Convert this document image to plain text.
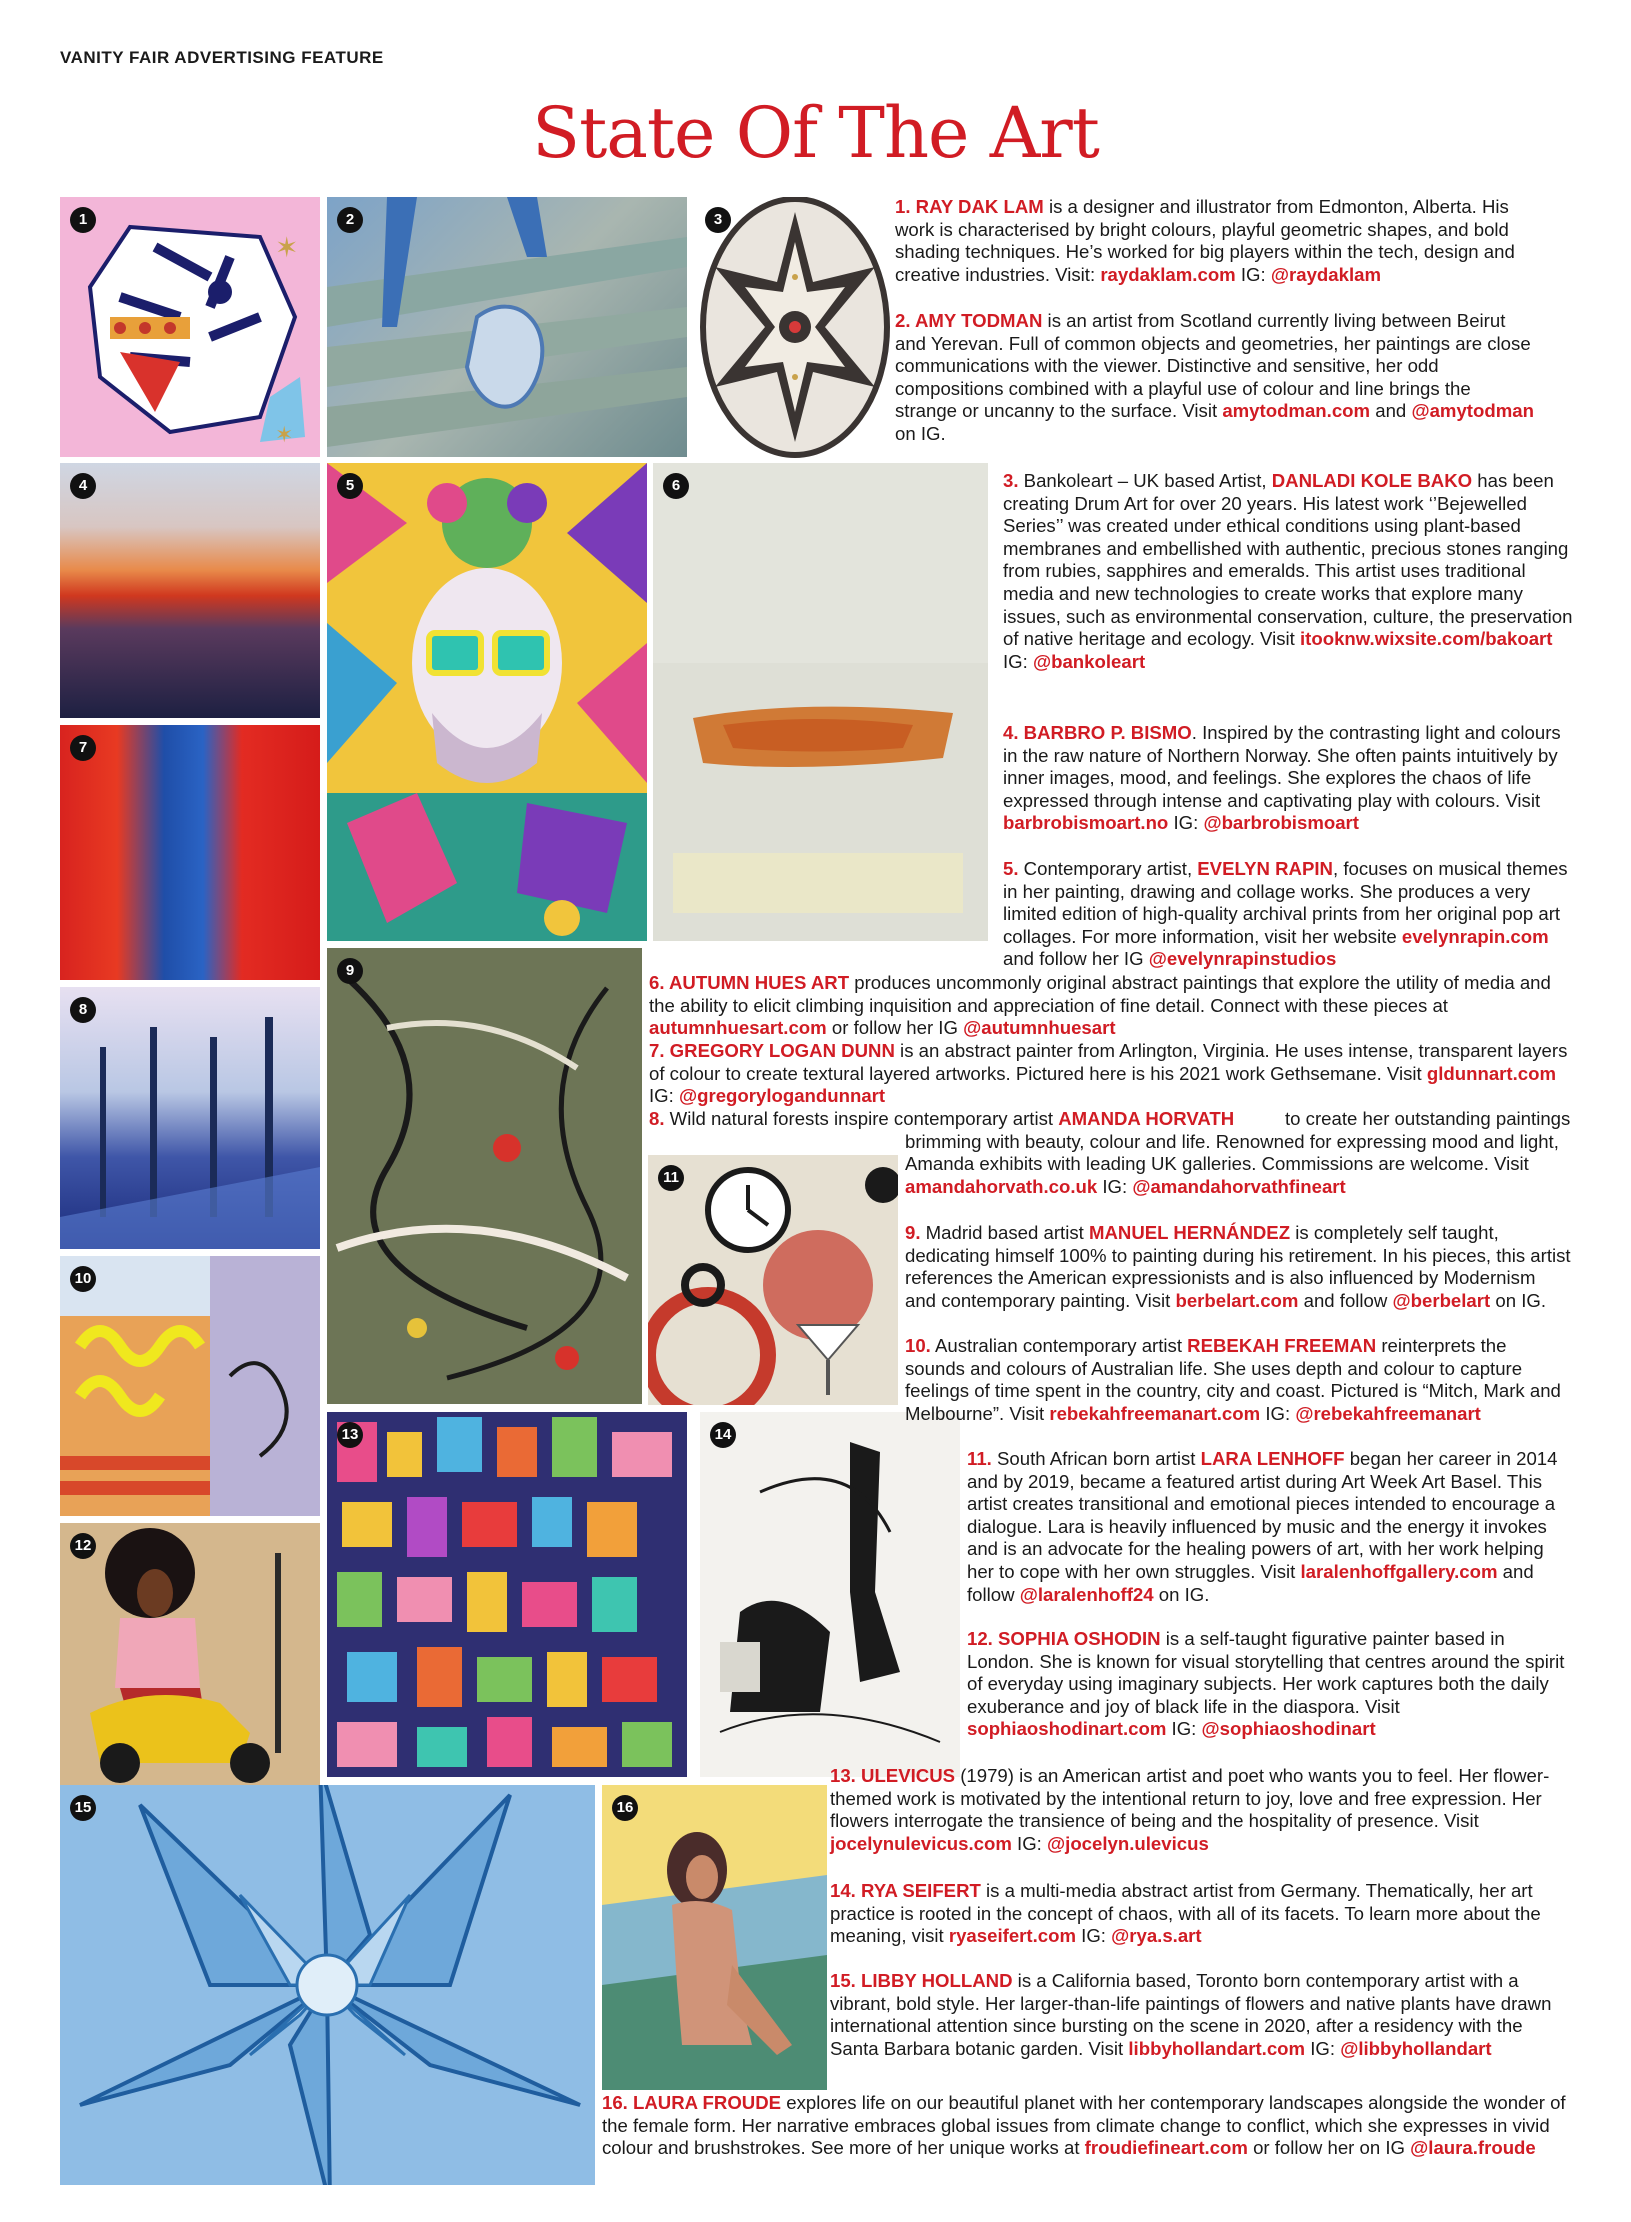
VANITY FAIR ADVERTISING FEATURE
State Of The Art
✶
✶
1	2	3
4	5	6
7
8
9
10
11
12
13	14
15	16

1. RAY DAK LAM is a designer and illustrator from Edmonton, Alberta. His work is characterised by bright colours, playful geometric shapes, and bold shading techniques. He’s worked for big players within the tech, design and creative industries. Visit: raydaklam.com IG: @raydaklam

2. AMY TODMAN is an artist from Scotland currently living between Beirut and Yerevan. Full of common objects and geometries, her paintings are close communications with the viewer. Distinctive and sensitive, her odd compositions combined with a playful use of colour and line brings the strange or uncanny to the surface. Visit amytodman.com and @amytodman on IG.

3. Bankoleart – UK based Artist, DANLADI KOLE BAKO has been creating Drum Art for over 20 years. His latest work ‘’Bejewelled Series’’ was created under ethical conditions using plant-based membranes and embellished with authentic, precious stones ranging from rubies, sapphires and emeralds. This artist uses traditional media and new technologies to create works that explore many issues, such as environmental conservation, culture, the preservation of native heritage and ecology. Visit itooknw.wixsite.com/bakoart IG: @bankoleart

4. BARBRO P. BISMO. Inspired by the contrasting light and colours in the raw nature of Northern Norway. She often paints intuitively by inner images, mood, and feelings. She explores the chaos of life expressed through intense and captivating play with colours. Visit barbrobismoart.no IG: @barbrobismoart

5. Contemporary artist, EVELYN RAPIN, focuses on musical themes in her painting, drawing and collage works. She produces a very limited edition of high-quality archival prints from her original pop art collages. For more information, visit her website evelynrapin.com and follow her IG @evelynrapinstudios

6. AUTUMN HUES ART produces uncommonly original abstract paintings that explore the utility of media and the ability to elicit climbing inquisition and appreciation of fine detail. Connect with these pieces at autumnhuesart.com or follow her IG @autumnhuesart

7. GREGORY LOGAN DUNN is an abstract painter from Arlington, Virginia. He uses intense, transparent layers of colour to create textural layered artworks. Pictured here is his 2021 work Gethsemane. Visit gldunnart.com IG: @gregorylogandunnart

8. Wild natural forests inspire contemporary artist AMANDA HORVATH	to create her outstanding paintings brimming with beauty, colour and life. Renowned for expressing mood and light, Amanda exhibits with leading UK galleries. Commissions are welcome. Visit amandahorvath.co.uk IG: @amandahorvathfineart

9. Madrid based artist MANUEL HERNÁNDEZ is completely self taught, dedicating himself 100% to painting during his retirement. In his pieces, this artist references the American expressionists and is also influenced by Modernism and contemporary painting. Visit berbelart.com and follow @berbelart on IG.

10. Australian contemporary artist REBEKAH FREEMAN reinterprets the sounds and colours of Australian life. She uses depth and colour to capture feelings of time spent in the country, city and coast. Pictured is “Mitch, Mark and Melbourne”. Visit rebekahfreemanart.com IG: @rebekahfreemanart

11. South African born artist LARA LENHOFF began her career in 2014 and by 2019, became a featured artist during Art Week Art Basel. This artist creates transitional and emotional pieces intended to encourage a dialogue. Lara is heavily influenced by music and the energy it invokes and is an advocate for the healing powers of art, with her work helping her to cope with her own struggles. Visit laralenhoffgallery.com and follow @laralenhoff24 on IG.

12. SOPHIA OSHODIN is a self-taught figurative painter based in London. She is known for visual storytelling that centres around the spirit of everyday using imaginary subjects. Her work captures both the daily exuberance and joy of black life in the diaspora. Visit sophiaoshodinart.com IG: @sophiaoshodinart

13. ULEVICUS (1979) is an American artist and poet who wants you to feel. Her flower-themed work is motivated by the intentional return to joy, love and free expression. Her flowers interrogate the transience of being and the hospitality of presence. Visit jocelynulevicus.com IG: @jocelyn.ulevicus

14. RYA SEIFERT is a multi-media abstract artist from Germany. Thematically, her art practice is rooted in the concept of chaos, with all of its facets. To learn more about the meaning, visit ryaseifert.com IG: @rya.s.art

15. LIBBY HOLLAND is a California based, Toronto born contemporary artist with a vibrant, bold style. Her larger-than-life paintings of flowers and native plants have drawn international attention since bursting on the scene in 2020, after a residency with the Santa Barbara botanic garden. Visit libbyhollandart.com IG: @libbyhollandart

16. LAURA FROUDE explores life on our beautiful planet with her contemporary landscapes alongside the wonder of the female form. Her narrative embraces global issues from climate change to conflict, which she expresses in vivid colour and brushstrokes. See more of her unique works at froudiefineart.com or follow her on IG @laura.froude
